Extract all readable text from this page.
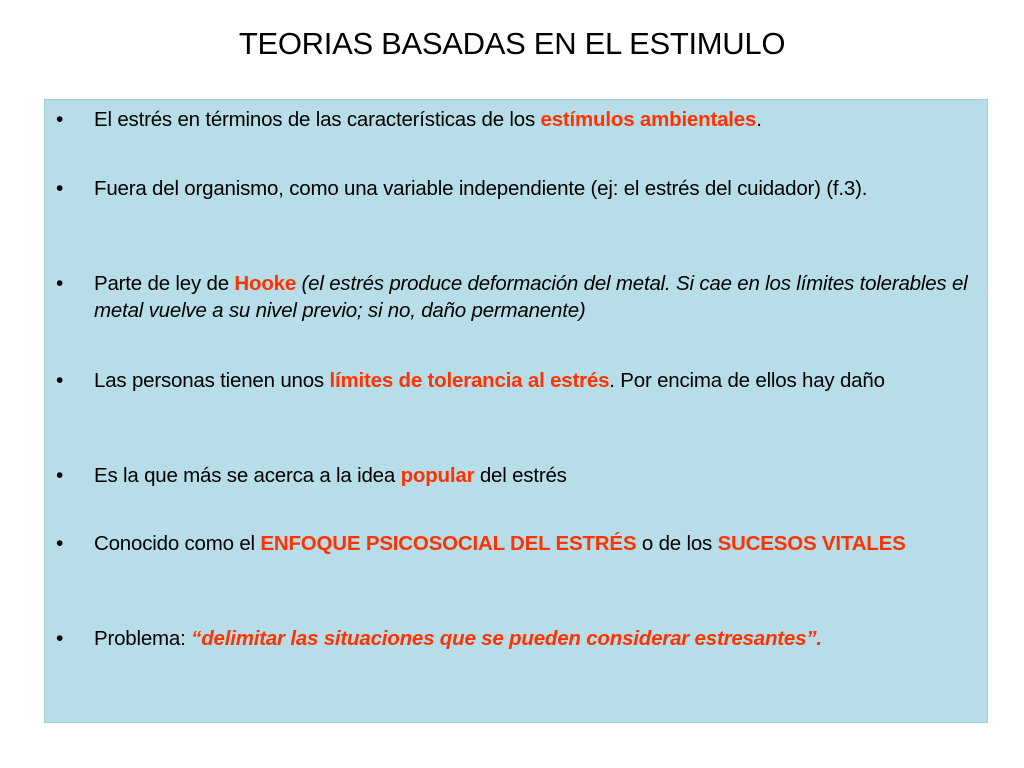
TEORIAS BASADAS EN EL ESTIMULO
• El estrés en términos de las características de los estímulos ambientales.
• Fuera del organismo, como una variable independiente (ej: el estrés del cuidador) (f.3).
• Parte de ley de Hooke (el estrés produce deformación del metal. Si cae en los límites tolerables el metal vuelve a su nivel previo; si no, daño permanente)
• Las personas tienen unos límites de tolerancia al estrés. Por encima de ellos hay daño
• Es la que más se acerca a la idea popular del estrés
• Conocido como el ENFOQUE PSICOSOCIAL DEL ESTRÉS o de los SUCESOS VITALES
• Problema: “delimitar las situaciones que se pueden considerar estresantes”.
